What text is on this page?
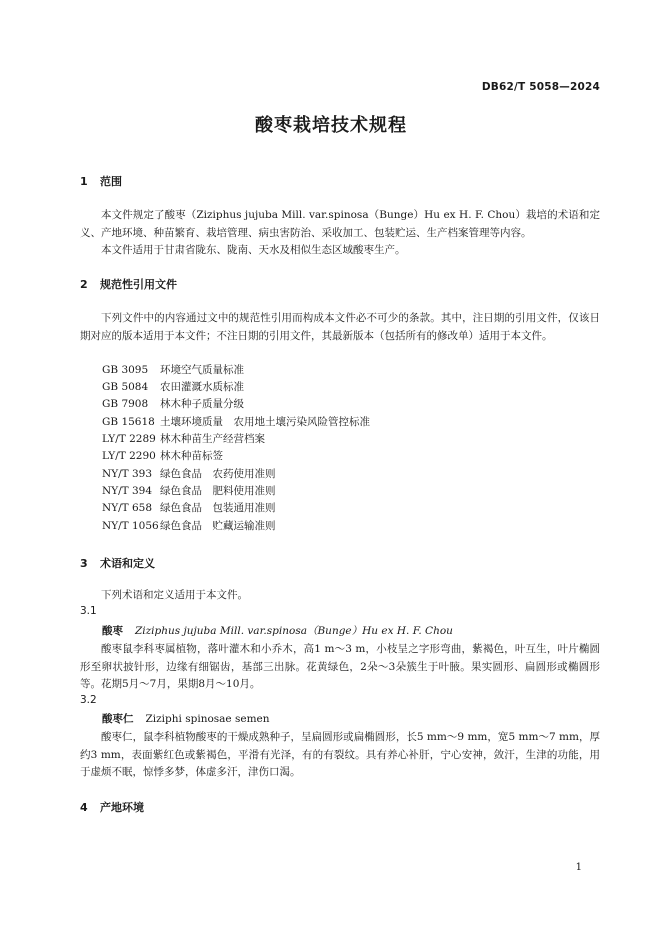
DB62/T 5058—2024
酸枣栽培技术规程
1 范围
本文件规定了酸枣（Ziziphus jujuba Mill. var.spinosa（Bunge）Hu ex H. F. Chou）栽培的术语和定义、产地环境、种苗繁育、栽培管理、病虫害防治、采收加工、包装贮运、生产档案管理等内容。
本文件适用于甘肃省陇东、陇南、天水及相似生态区域酸枣生产。
2 规范性引用文件
下列文件中的内容通过文中的规范性引用而构成本文件必不可少的条款。其中，注日期的引用文件，仅该日期对应的版本适用于本文件；不注日期的引用文件，其最新版本（包括所有的修改单）适用于本文件。
GB 3095 环境空气质量标准
GB 5084 农田灌溉水质标准
GB 7908 林木种子质量分级
GB 15618 土壤环境质量　农用地土壤污染风险管控标准
LY/T 2289 林木种苗生产经营档案
LY/T 2290 林木种苗标签
NY/T 393 绿色食品　农药使用准则
NY/T 394 绿色食品　肥料使用准则
NY/T 658 绿色食品　包装通用准则
NY/T 1056绿色食品　贮藏运输准则
3 术语和定义
下列术语和定义适用于本文件。
3.1
酸枣 Ziziphus jujuba Mill. var.spinosa（Bunge）Hu ex H. F. Chou
酸枣鼠李科枣属植物，落叶灌木和小乔木，高1 m～3 m，小枝呈之字形弯曲，紫褐色，叶互生，叶片椭圆形至卵状披针形，边缘有细锯齿，基部三出脉。花黄绿色，2朵～3朵簇生于叶腋。果实圆形、扁圆形或椭圆形等。花期5月～7月，果期8月～10月。
3.2
酸枣仁 Ziziphi spinosae semen
酸枣仁，鼠李科植物酸枣的干燥成熟种子，呈扁圆形或扁椭圆形，长5 mm～9 mm，宽5 mm～7 mm，厚约3 mm，表面紫红色或紫褐色，平滑有光泽，有的有裂纹。具有养心补肝，宁心安神，敛汗，生津的功能，用于虚烦不眠，惊悸多梦，体虚多汗，津伤口渴。
4 产地环境
1
